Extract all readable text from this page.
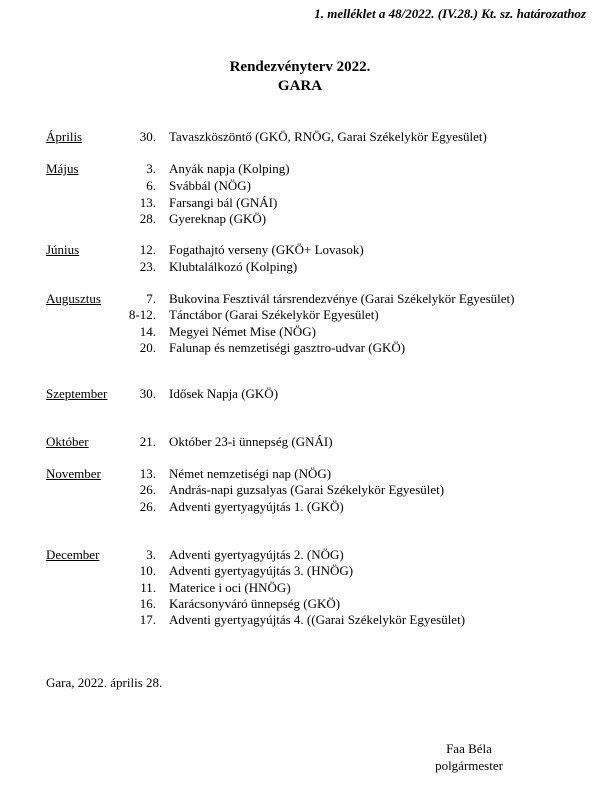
1. melléklet a 48/2022. (IV.28.) Kt. sz. határozathoz
Rendezvényterv 2022.
GARA
Április	30. Tavaszköszöntő (GKÖ, RNÖG, Garai Székelykör Egyesület)
Május	3. Anyák napja (Kolping)
6. Svábbál (NÖG)
13. Farsangi bál (GNÁI)
28. Gyereknap (GKÖ)
Június	12. Fogathajtó verseny (GKÖ+ Lovasok)
23. Klubtalálkozó (Kolping)
Augusztus	7. Bukovina Fesztivál társrendezvénye (Garai Székelykör Egyesület)
8-12. Tánctábor (Garai Székelykör Egyesület)
14. Megyei Német Mise (NÖG)
20. Falunap és nemzetiségi gasztro-udvar (GKÖ)
Szeptember	30. Idősek Napja (GKÖ)
Október	21. Október 23-i ünnepség (GNÁI)
November	13. Német nemzetiségi nap (NÖG)
26. András-napi guzsalyas (Garai Székelykör Egyesület)
26. Adventi gyertyagyújtás 1. (GKÖ)
December	3. Adventi gyertyagyújtás 2. (NÖG)
10. Adventi gyertyagyújtás 3. (HNÖG)
11. Materice i oci (HNÖG)
16. Karácsonyváró ünnepség (GKÖ)
17. Adventi gyertyagyújtás 4. ((Garai Székelykör Egyesület)
Gara, 2022. április 28.
Faa Béla
polgármester
